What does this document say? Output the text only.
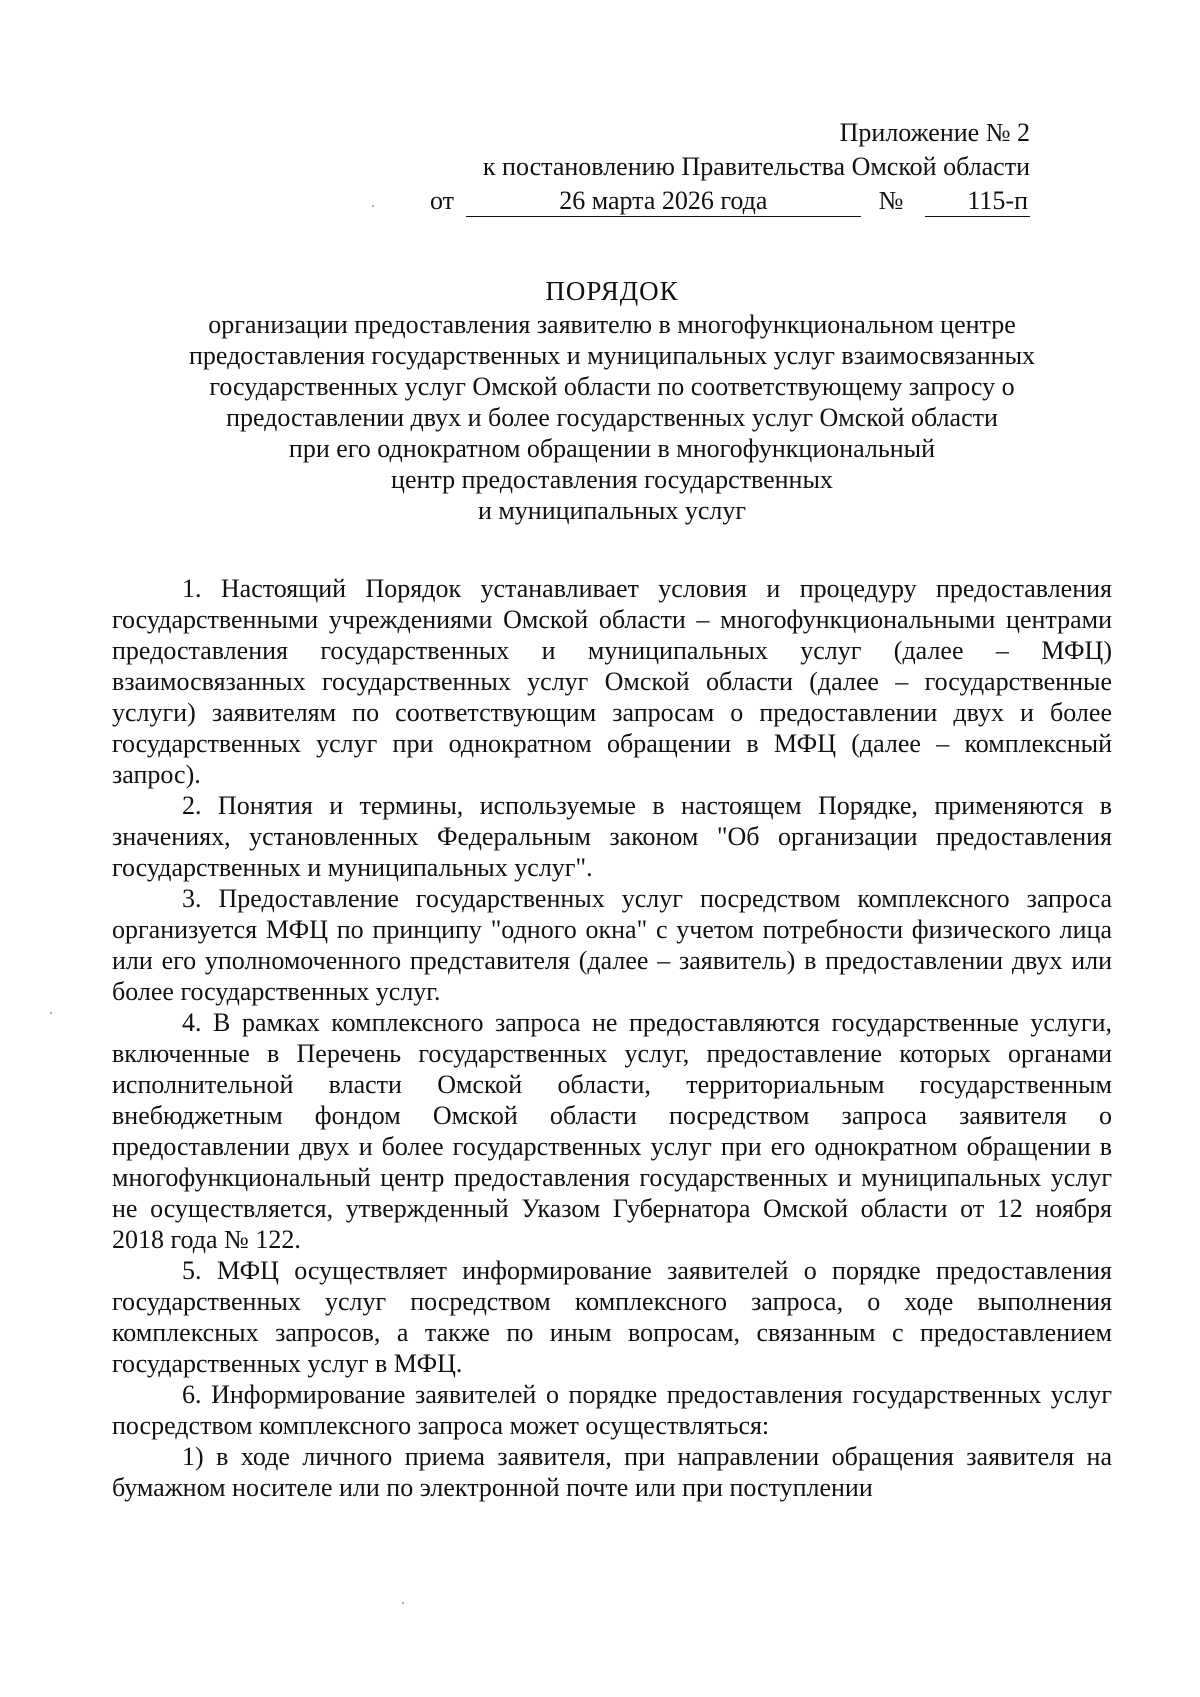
Приложение № 2
к постановлению Правительства Омской области
от	26 марта 2026 года	№	115-п
ПОРЯДОК
организации предоставления заявителю в многофункциональном центре
предоставления государственных и муниципальных услуг взаимосвязанных
государственных услуг Омской области по соответствующему запросу о
предоставлении двух и более государственных услуг Омской области
при его однократном обращении в многофункциональный
центр предоставления государственных
и муниципальных услуг

1. Настоящий Порядок устанавливает условия и процедуру предоставления государственными учреждениями Омской области – многофункциональными центрами предоставления государственных и муниципальных услуг (далее – МФЦ) взаимосвязанных государственных услуг Омской области (далее – государственные услуги) заявителям по соответствующим запросам о предоставлении двух и более государственных услуг при однократном обращении в МФЦ (далее – комплексный запрос).

2. Понятия и термины, используемые в настоящем Порядке, применяются в значениях, установленных Федеральным законом "Об организации предоставления государственных и муниципальных услуг".

3. Предоставление государственных услуг посредством комплексного запроса организуется МФЦ по принципу "одного окна" с учетом потребности физического лица или его уполномоченного представителя (далее – заявитель) в предоставлении двух или более государственных услуг.

4. В рамках комплексного запроса не предоставляются государственные услуги, включенные в Перечень государственных услуг, предоставление которых органами исполнительной власти Омской области, территориальным государственным внебюджетным фондом Омской области посредством запроса заявителя о предоставлении двух и более государственных услуг при его однократном обращении в многофункциональный центр предоставления государственных и муниципальных услуг не осуществляется, утвержденный Указом Губернатора Омской области от 12 ноября 2018 года № 122.

5. МФЦ осуществляет информирование заявителей о порядке предоставления государственных услуг посредством комплексного запроса, о ходе выполнения комплексных запросов, а также по иным вопросам, связанным с предоставлением государственных услуг в МФЦ.

6. Информирование заявителей о порядке предоставления государственных услуг посредством комплексного запроса может осуществляться:

1) в ходе личного приема заявителя, при направлении обращения заявителя на бумажном носителе или по электронной почте или при поступлении
